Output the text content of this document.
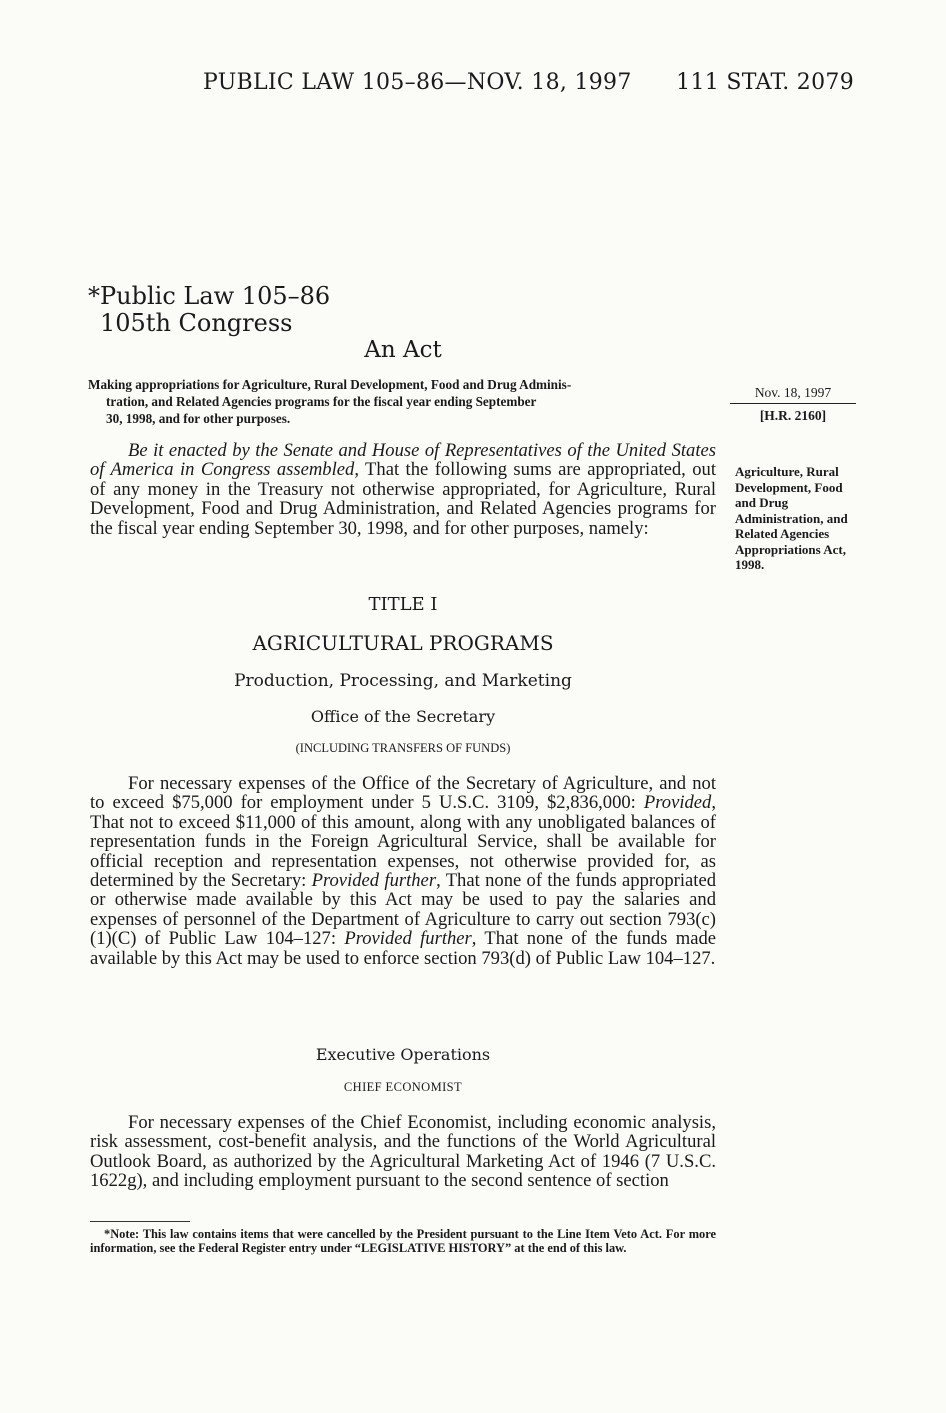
PUBLIC LAW 105–86—NOV. 18, 1997 111 STAT. 2079
*Public Law 105–86
105th Congress
An Act
Making appropriations for Agriculture, Rural Development, Food and Drug Adminis-
tration, and Related Agencies programs for the fiscal year ending September
30, 1998, and for other purposes.
Nov. 18, 1997
[H.R. 2160]
Agriculture, Rural Development, Food and Drug Administration, and Related Agencies Appropriations Act, 1998.

Be it enacted by the Senate and House of Representatives of the United States of America in Congress assembled, That the following sums are appropriated, out of any money in the Treasury not otherwise appropriated, for Agriculture, Rural Development, Food and Drug Administration, and Related Agencies programs for the fiscal year ending September 30, 1998, and for other purposes, namely:

TITLE I
AGRICULTURAL PROGRAMS
Production, Processing, and Marketing
Office of the Secretary
(INCLUDING TRANSFERS OF FUNDS)

For necessary expenses of the Office of the Secretary of Agriculture, and not to exceed $75,000 for employment under 5 U.S.C. 3109, $2,836,000: Provided, That not to exceed $11,000 of this amount, along with any unobligated balances of representation funds in the Foreign Agricultural Service, shall be available for official reception and representation expenses, not otherwise provided for, as determined by the Secretary: Provided further, That none of the funds appropriated or otherwise made available by this Act may be used to pay the salaries and expenses of personnel of the Department of Agriculture to carry out section 793(c)(1)(C) of Public Law 104–127: Provided further, That none of the funds made available by this Act may be used to enforce section 793(d) of Public Law 104–127.

Executive Operations
CHIEF ECONOMIST

For necessary expenses of the Chief Economist, including economic analysis, risk assessment, cost-benefit analysis, and the functions of the World Agricultural Outlook Board, as authorized by the Agricultural Marketing Act of 1946 (7 U.S.C. 1622g), and including employment pursuant to the second sentence of section

*Note: This law contains items that were cancelled by the President pursuant to the Line Item Veto Act. For more information, see the Federal Register entry under “LEGISLATIVE HISTORY” at the end of this law.
